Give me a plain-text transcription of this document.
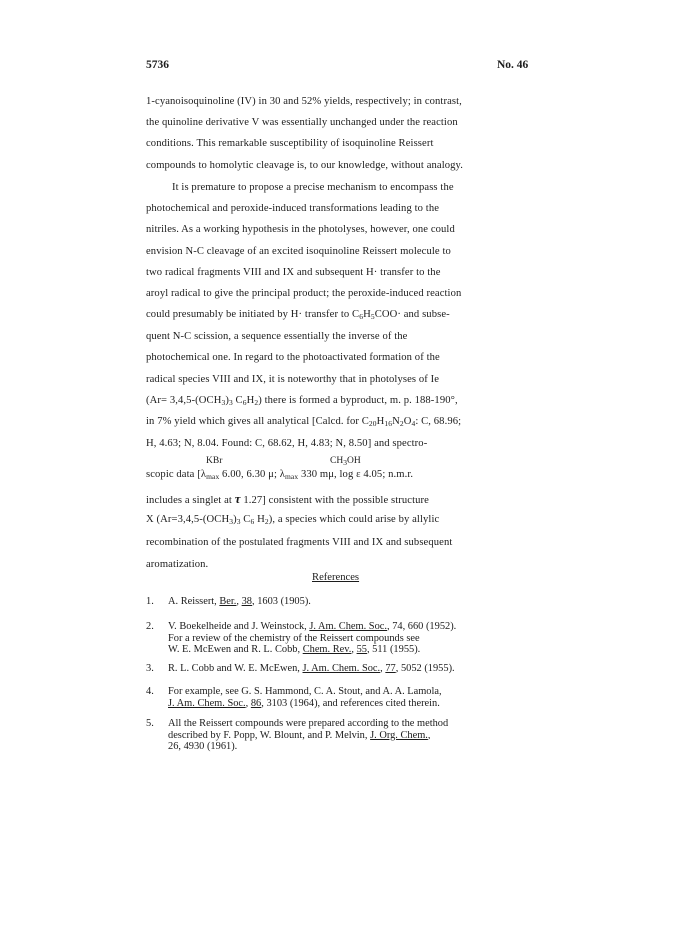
5736	No. 46
1-cyanoisoquinoline (IV) in 30 and 52% yields, respectively; in contrast,
the quinoline derivative V was essentially unchanged under the reaction
conditions. This remarkable susceptibility of isoquinoline Reissert
compounds to homolytic cleavage is, to our knowledge, without analogy.
It is premature to propose a precise mechanism to encompass the
photochemical and peroxide-induced transformations leading to the
nitriles. As a working hypothesis in the photolyses, however, one could
envision N-C cleavage of an excited isoquinoline Reissert molecule to
two radical fragments VIII and IX and subsequent H· transfer to the
aroyl radical to give the principal product; the peroxide-induced reaction
could presumably be initiated by H· transfer to $C_6H_5COO\cdot$ and subse-
quent N-C scission, a sequence essentially the inverse of the
photochemical one. In regard to the photoactivated formation of the
radical species VIII and IX, it is noteworthy that in photolyses of Ie
($Ar= 3,4,5-(OCH_3)_3$ $C_6H_2$) there is formed a byproduct, m. p. 188-190°,
in 7% yield which gives all analytical [Calcd. for $C_{20}H_{16}N_2O_4$: C, 68.96;
H, 4.63; N, 8.04. Found: C, 68.62, H, 4.83; N, 8.50] and spectro-
KBr	$CH_3OH$
scopic data [$\lambda_{max}$ 6.00, 6.30 μ; $\lambda_{max}$ 330 mμ, log ε 4.05; n.m.r.
includes a singlet at τ 1.27] consistent with the possible structure
X ($Ar=3,4,5-(OCH_3)_3$ $C_6$ $H_2$), a species which could arise by allylic
recombination of the postulated fragments VIII and IX and subsequent
aromatization.
References
1. A. Reissert, Ber., 38, 1603 (1905).
2. V. Boekelheide and J. Weinstock, J. Am. Chem. Soc., 74, 660 (1952).
For a review of the chemistry of the Reissert compounds see
W. E. McEwen and R. L. Cobb, Chem. Rev., 55, 511 (1955).
3. R. L. Cobb and W. E. McEwen, J. Am. Chem. Soc., 77, 5052 (1955).
4. For example, see G. S. Hammond, C. A. Stout, and A. A. Lamola,
J. Am. Chem. Soc., 86, 3103 (1964), and references cited therein.
5. All the Reissert compounds were prepared according to the method
described by F. Popp, W. Blount, and P. Melvin, J. Org. Chem.,
26, 4930 (1961).
